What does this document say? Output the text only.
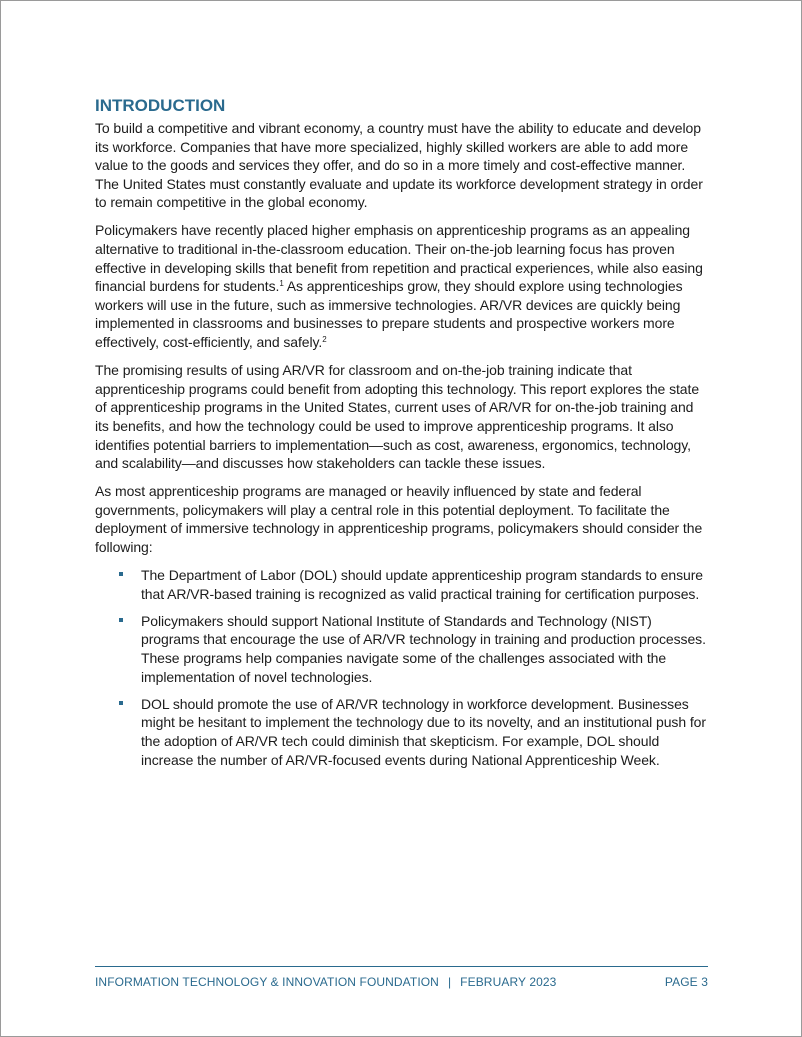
INTRODUCTION

To build a competitive and vibrant economy, a country must have the ability to educate and develop its workforce. Companies that have more specialized, highly skilled workers are able to add more value to the goods and services they offer, and do so in a more timely and cost-effective manner. The United States must constantly evaluate and update its workforce development strategy in order to remain competitive in the global economy.

Policymakers have recently placed higher emphasis on apprenticeship programs as an appealing alternative to traditional in-the-classroom education. Their on-the-job learning focus has proven effective in developing skills that benefit from repetition and practical experiences, while also easing financial burdens for students.$^1$ As apprenticeships grow, they should explore using technologies workers will use in the future, such as immersive technologies. AR/VR devices are quickly being implemented in classrooms and businesses to prepare students and prospective workers more effectively, cost-efficiently, and safely.$^2$

The promising results of using AR/VR for classroom and on-the-job training indicate that apprenticeship programs could benefit from adopting this technology. This report explores the state of apprenticeship programs in the United States, current uses of AR/VR for on-the-job training and its benefits, and how the technology could be used to improve apprenticeship programs. It also identifies potential barriers to implementation—such as cost, awareness, ergonomics, technology, and scalability—and discusses how stakeholders can tackle these issues.

As most apprenticeship programs are managed or heavily influenced by state and federal governments, policymakers will play a central role in this potential deployment. To facilitate the deployment of immersive technology in apprenticeship programs, policymakers should consider the following:

The Department of Labor (DOL) should update apprenticeship program standards to ensure that AR/VR-based training is recognized as valid practical training for certification purposes.
Policymakers should support National Institute of Standards and Technology (NIST) programs that encourage the use of AR/VR technology in training and production processes. These programs help companies navigate some of the challenges associated with the implementation of novel technologies.
DOL should promote the use of AR/VR technology in workforce development. Businesses might be hesitant to implement the technology due to its novelty, and an institutional push for the adoption of AR/VR tech could diminish that skepticism. For example, DOL should increase the number of AR/VR-focused events during National Apprenticeship Week.
INFORMATION TECHNOLOGY & INNOVATION FOUNDATION | FEBRUARY 2023	PAGE 3
